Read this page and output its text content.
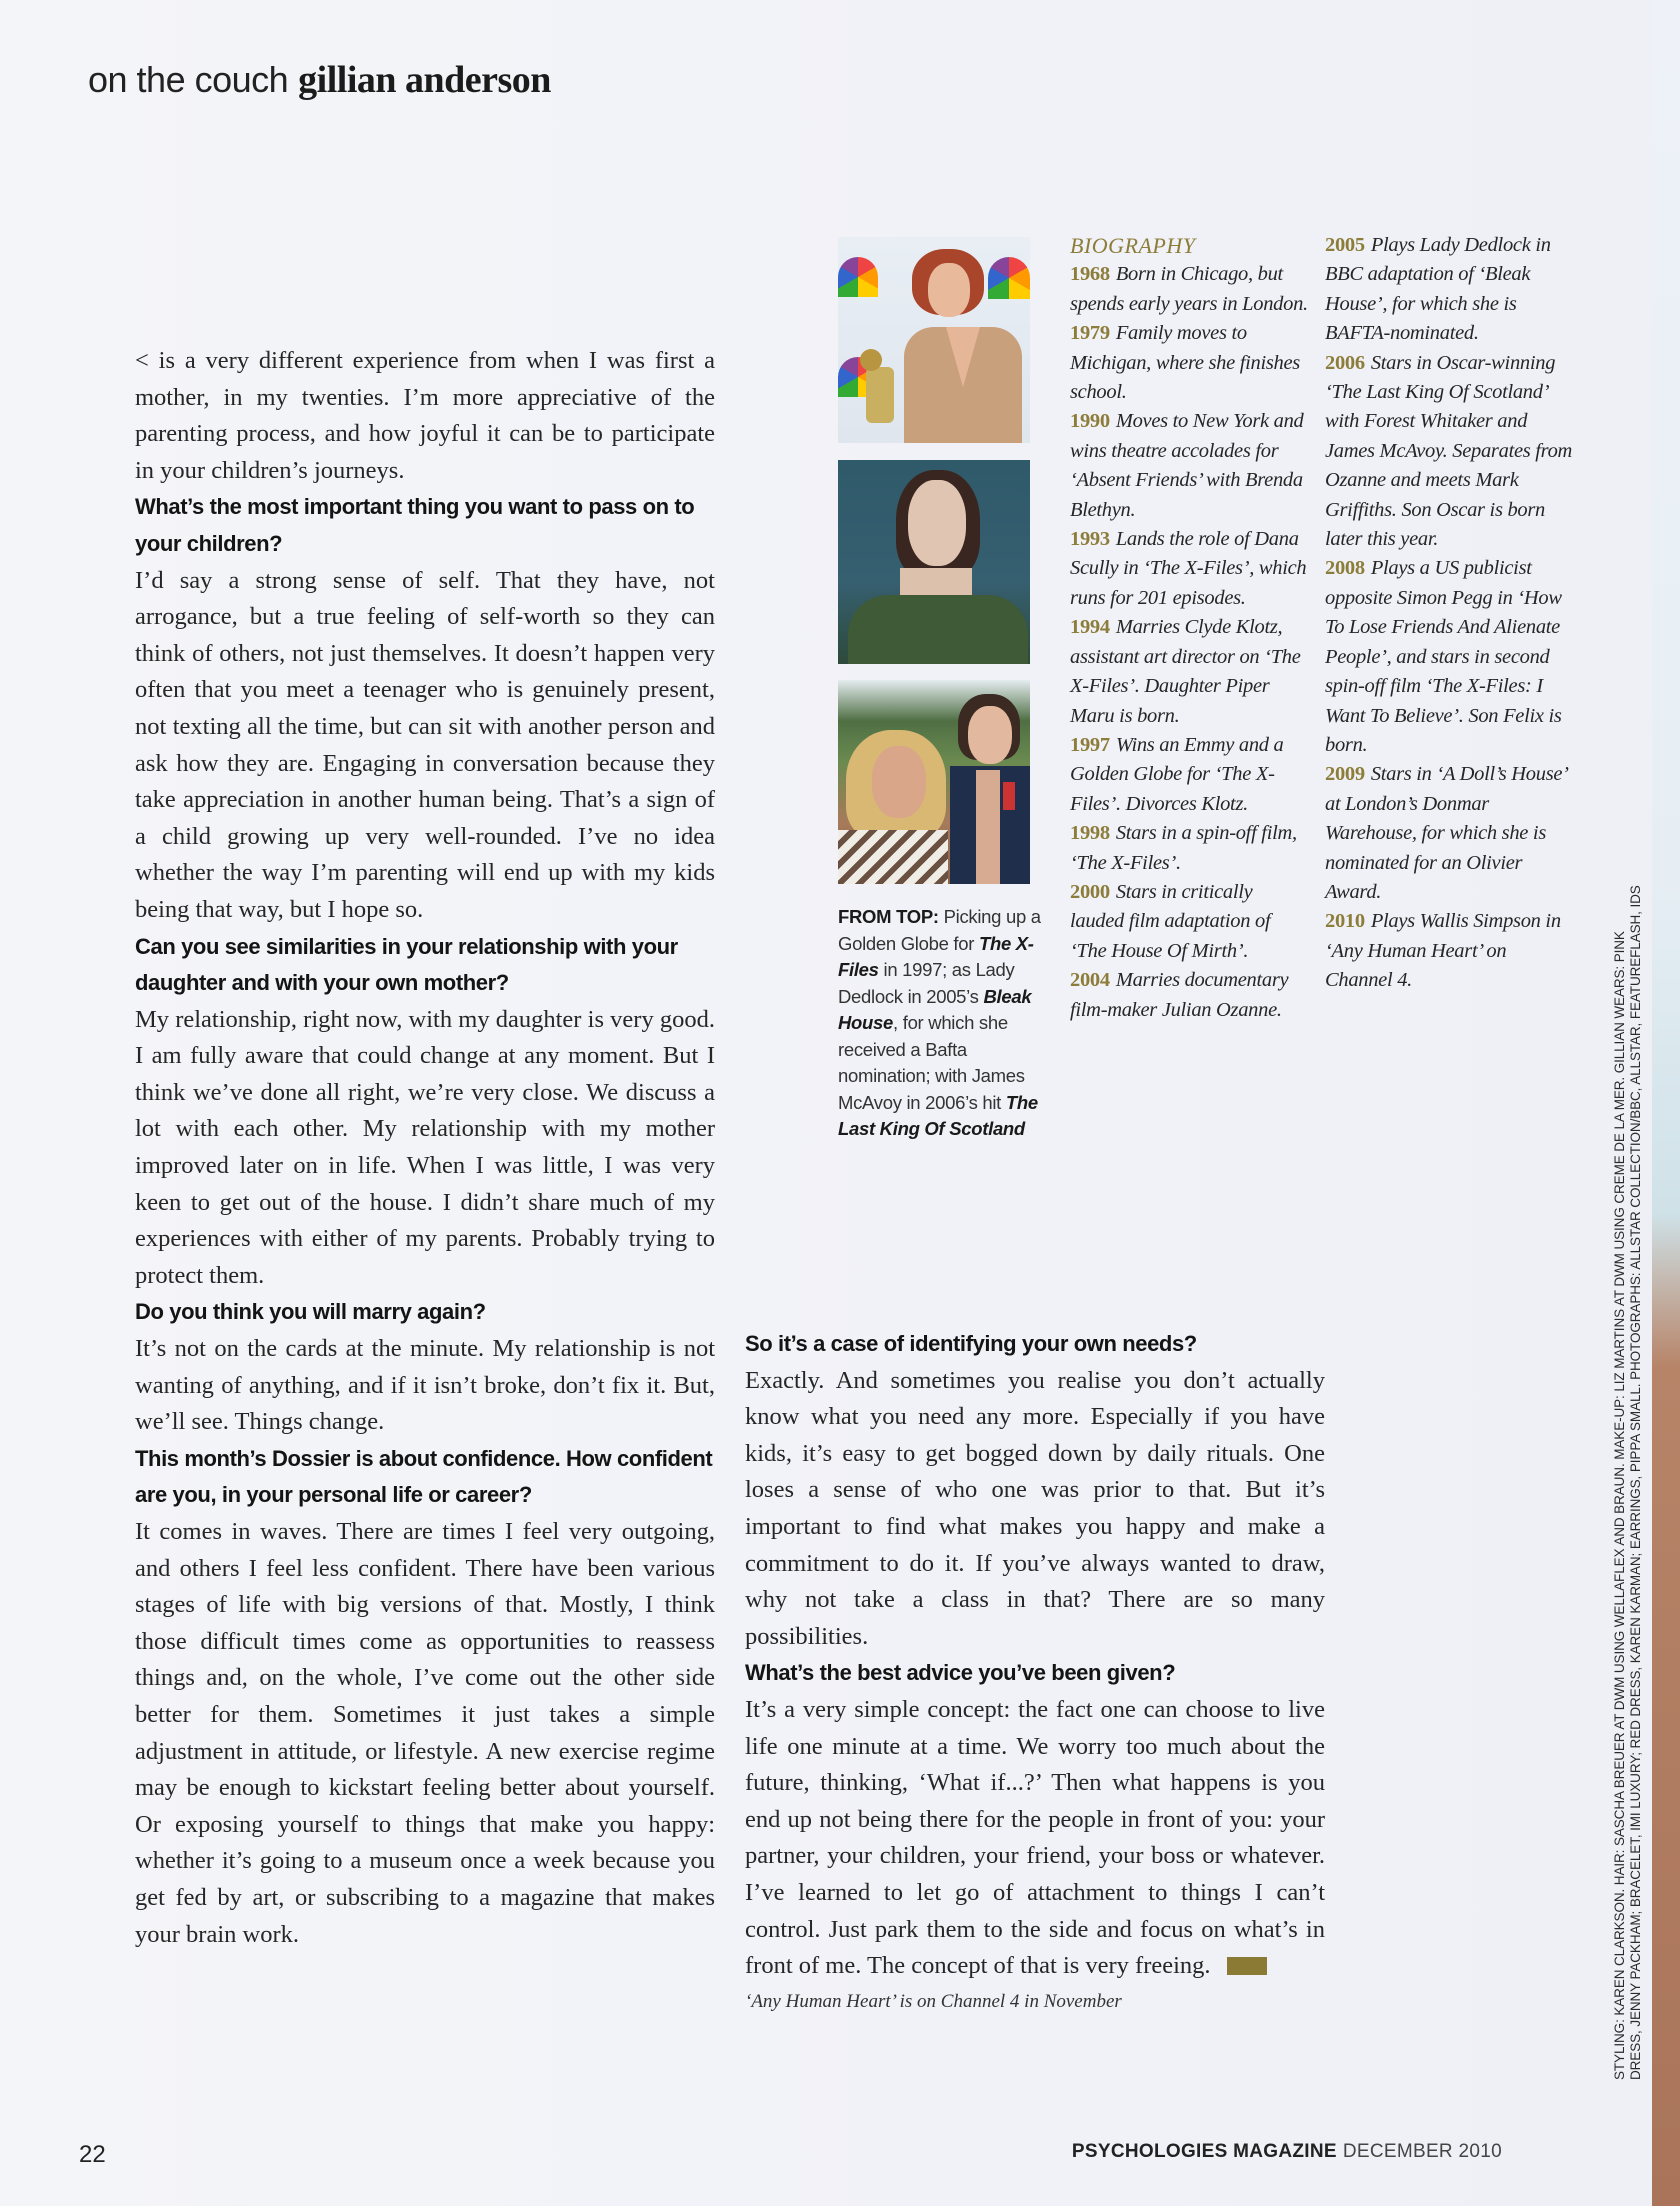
on the couch gillian anderson

< is a very different experience from when I was first a mother, in my twenties. I’m more appreciative of the parenting process, and how joyful it can be to participate in your children’s journeys.

What’s the most important thing you want to pass on to your children?

I’d say a strong sense of self. That they have, not arrogance, but a true feeling of self-worth so they can think of others, not just themselves. It doesn’t happen very often that you meet a teenager who is genuinely present, not texting all the time, but can sit with another person and ask how they are. Engaging in conversation because they take appreciation in another human being. That’s a sign of a child growing up very well-rounded. I’ve no idea whether the way I’m parenting will end up with my kids being that way, but I hope so.

Can you see similarities in your relationship with your daughter and with your own mother?

My relationship, right now, with my daughter is very good. I am fully aware that could change at any moment. But I think we’ve done all right, we’re very close. We discuss a lot with each other. My relationship with my mother improved later on in life. When I was little, I was very keen to get out of the house. I didn’t share much of my experiences with either of my parents. Probably trying to protect them.

Do you think you will marry again?

It’s not on the cards at the minute. My relationship is not wanting of anything, and if it isn’t broke, don’t fix it. But, we’ll see. Things change.

This month’s Dossier is about confidence. How confident are you, in your personal life or career?

It comes in waves. There are times I feel very outgoing, and others I feel less confident. There have been various stages of life with big versions of that. Mostly, I think those difficult times come as opportunities to reassess things and, on the whole, I’ve come out the other side better for them. Sometimes it just takes a simple adjustment in attitude, or lifestyle. A new exercise regime may be enough to kickstart feeling better about yourself. Or exposing yourself to things that make you happy: whether it’s going to a museum once a week because you get fed by art, or subscribing to a magazine that makes your brain work.

FROM TOP: Picking up a Golden Globe for The X-Files in 1997; as Lady Dedlock in 2005’s Bleak House, for which she received a Bafta nomination; with James McAvoy in 2006’s hit The Last King Of Scotland
BIOGRAPHY
1968 Born in Chicago, but spends early years in London.
1979 Family moves to Michigan, where she finishes school.
1990 Moves to New York and wins theatre accolades for ‘Absent Friends’ with Brenda Blethyn.
1993 Lands the role of Dana Scully in ‘The X-Files’, which runs for 201 episodes.
1994 Marries Clyde Klotz, assistant art director on ‘The X-Files’. Daughter Piper Maru is born.
1997 Wins an Emmy and a Golden Globe for ‘The X-Files’. Divorces Klotz.
1998 Stars in a spin-off film, ‘The X-Files’.
2000 Stars in critically lauded film adaptation of ‘The House Of Mirth’.
2004 Marries documentary film-maker Julian Ozanne.
2005 Plays Lady Dedlock in BBC adaptation of ‘Bleak House’, for which she is BAFTA-nominated.
2006 Stars in Oscar-winning ‘The Last King Of Scotland’ with Forest Whitaker and James McAvoy. Separates from Ozanne and meets Mark Griffiths. Son Oscar is born later this year.
2008 Plays a US publicist opposite Simon Pegg in ‘How To Lose Friends And Alienate People’, and stars in second spin-off film ‘The X-Files: I Want To Believe’. Son Felix is born.
2009 Stars in ‘A Doll’s House’ at London’s Donmar Warehouse, for which she is nominated for an Olivier Award.
2010 Plays Wallis Simpson in ‘Any Human Heart’ on Channel 4.

So it’s a case of identifying your own needs?

Exactly. And sometimes you realise you don’t actually know what you need any more. Especially if you have kids, it’s easy to get bogged down by daily rituals. One loses a sense of who one was prior to that. But it’s important to find what makes you happy and make a commitment to do it. If you’ve always wanted to draw, why not take a class in that? There are so many possibilities.

What’s the best advice you’ve been given?

It’s a very simple concept: the fact one can choose to live life one minute at a time. We worry too much about the future, thinking, ‘What if...?’ Then what happens is you end up not being there for the people in front of you: your partner, your children, your friend, your boss or whatever. I’ve learned to let go of attachment to things I can’t control. Just park them to the side and focus on what’s in front of me. The concept of that is very freeing.

‘Any Human Heart’ is on Channel 4 in November
22	PSYCHOLOGIES MAGAZINE DECEMBER 2010
STYLING: KAREN CLARKSON. HAIR: SASCHA BREUER AT DWM USING WELLAFLEX AND BRAUN. MAKE-UP: LIZ MARTINS AT DWM USING CREME DE LA MER. GILLIAN WEARS: PINK DRESS, JENNY PACKHAM; BRACELET, IMI LUXURY; RED DRESS, KAREN KARMAN; EARRINGS, PIPPA SMALL. PHOTOGRAPHS: ALLSTAR COLLECTION/BBC, ALLSTAR, FEATUREFLASH, IDS
